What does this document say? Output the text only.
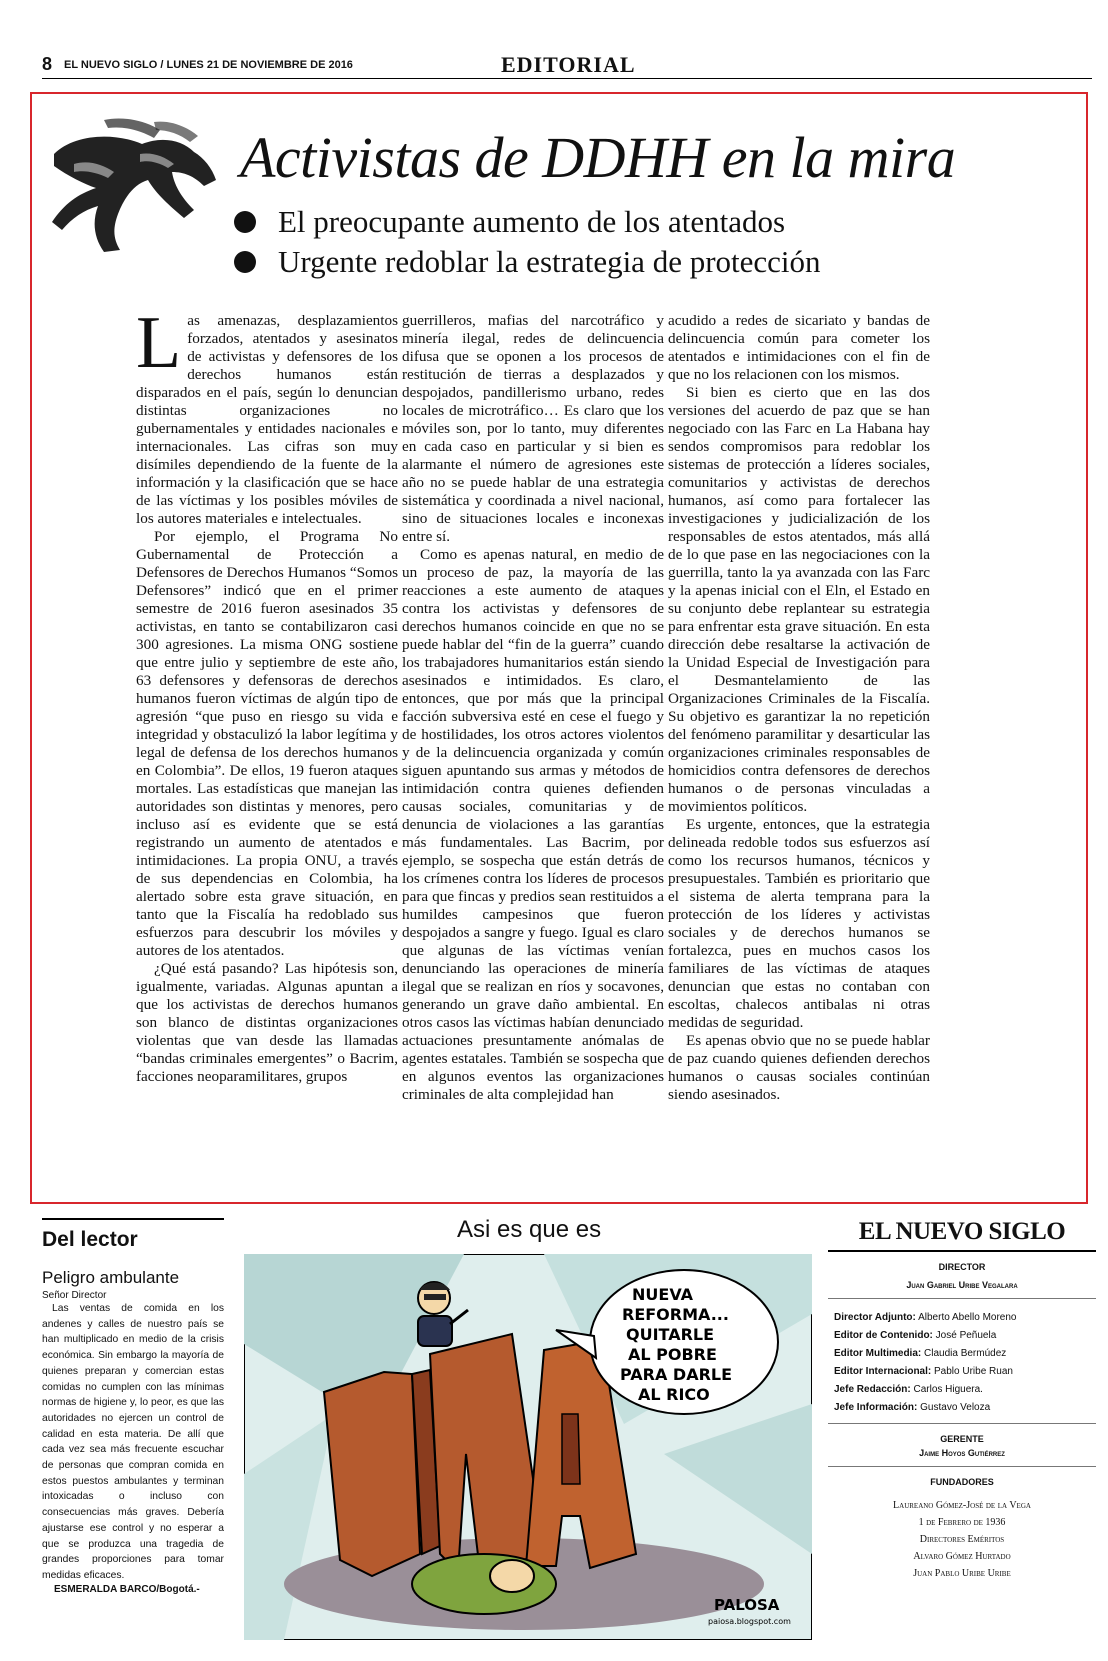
8 EL NUEVO SIGLO / LUNES 21 DE NOVIEMBRE DE 2016	EDITORIAL
Activistas de DDHH en la mira
El preocupante aumento de los atentados
Urgente redoblar la estrategia de protección

Las amenazas, desplazamientos forzados, atentados y asesinatos de activistas y defensores de los derechos humanos están disparados en el país, según lo denuncian distintas organizaciones no gubernamentales y entidades nacionales e internacionales. Las cifras son muy disímiles dependiendo de la fuente de la información y la clasificación que se hace de las víctimas y los posibles móviles de los autores materiales e intelectuales.

Por ejemplo, el Programa No Gubernamental de Protección a Defensores de Derechos Humanos “Somos Defensores” indicó que en el primer semestre de 2016 fueron asesinados 35 activistas, en tanto se contabilizaron casi 300 agresiones. La misma ONG sostiene que entre julio y septiembre de este año, 63 defensores y defensoras de derechos humanos fueron víctimas de algún tipo de agresión “que puso en riesgo su vida e integridad y obstaculizó la labor legítima y legal de defensa de los derechos humanos en Colombia”. De ellos, 19 fueron ataques mortales. Las estadísticas que manejan las autoridades son distintas y menores, pero incluso así es evidente que se está registrando un aumento de atentados e intimidaciones. La propia ONU, a través de sus dependencias en Colombia, ha alertado sobre esta grave situación, en tanto que la Fiscalía ha redoblado sus esfuerzos para descubrir los móviles y autores de los atentados.

¿Qué está pasando? Las hipótesis son, igualmente, variadas. Algunas apuntan a que los activistas de derechos humanos son blanco de distintas organizaciones violentas que van desde las llamadas “bandas criminales emergentes” o Bacrim, facciones neoparamilitares, grupos

guerrilleros, mafias del narcotráfico y minería ilegal, redes de delincuencia difusa que se oponen a los procesos de restitución de tierras a desplazados y despojados, pandillerismo urbano, redes locales de microtráfico… Es claro que los móviles son, por lo tanto, muy diferentes en cada caso en particular y si bien es alarmante el número de agresiones este año no se puede hablar de una estrategia sistemática y coordinada a nivel nacional, sino de situaciones locales e inconexas entre sí.

Como es apenas natural, en medio de un proceso de paz, la mayoría de las reacciones a este aumento de ataques contra los activistas y defensores de derechos humanos coincide en que no se puede hablar del “fin de la guerra” cuando los trabajadores humanitarios están siendo asesinados e intimidados. Es claro, entonces, que por más que la principal facción subversiva esté en cese el fuego y de hostilidades, los otros actores violentos y de la delincuencia organizada y común siguen apuntando sus armas y métodos de intimidación contra quienes defienden causas sociales, comunitarias y de denuncia de violaciones a las garantías más fundamentales. Las Bacrim, por ejemplo, se sospecha que están detrás de los crímenes contra los líderes de procesos para que fincas y predios sean restituidos a humildes campesinos que fueron despojados a sangre y fuego. Igual es claro que algunas de las víctimas venían denunciando las operaciones de minería ilegal que se realizan en ríos y socavones, generando un grave daño ambiental. En otros casos las víctimas habían denunciado actuaciones presuntamente anómalas de agentes estatales. También se sospecha que en algunos eventos las organizaciones criminales de alta complejidad han

acudido a redes de sicariato y bandas de delincuencia común para cometer los atentados e intimidaciones con el fin de que no los relacionen con los mismos.

Si bien es cierto que en las dos versiones del acuerdo de paz que se han negociado con las Farc en La Habana hay sendos compromisos para redoblar los sistemas de protección a líderes sociales, comunitarios y activistas de derechos humanos, así como para fortalecer las investigaciones y judicialización de los responsables de estos atentados, más allá de lo que pase en las negociaciones con la guerrilla, tanto la ya avanzada con las Farc y la apenas inicial con el Eln, el Estado en su conjunto debe replantear su estrategia para enfrentar esta grave situación. En esta dirección debe resaltarse la activación de la Unidad Especial de Investigación para el Desmantelamiento de las Organizaciones Criminales de la Fiscalía. Su objetivo es garantizar la no repetición del fenómeno paramilitar y desarticular las organizaciones criminales responsables de homicidios contra defensores de derechos humanos o de personas vinculadas a movimientos políticos.

Es urgente, entonces, que la estrategia delineada redoble todos sus esfuerzos así como los recursos humanos, técnicos y presupuestales. También es prioritario que el sistema de alerta temprana para la protección de los líderes y activistas sociales y de derechos humanos se fortalezca, pues en muchos casos los familiares de las víctimas de ataques denuncian que estas no contaban con escoltas, chalecos antibalas ni otras medidas de seguridad.

Es apenas obvio que no se puede hablar de paz cuando quienes defienden derechos humanos o causas sociales continúan siendo asesinados.

Del lector
Peligro ambulante
Señor Director

Las ventas de comida en los andenes y calles de nuestro país se han multiplicado en medio de la crisis económica. Sin embargo la mayoría de quienes preparan y comercian estas comidas no cumplen con las mínimas normas de higiene y, lo peor, es que las autoridades no ejercen un control de calidad en esta materia. De allí que cada vez sea más frecuente escuchar de personas que compran comida en estos puestos ambulantes y terminan intoxicadas o incluso con consecuencias más graves. Debería ajustarse ese control y no esperar a que se produzca una tragedia de grandes proporciones para tomar medidas eficaces.

ESMERALDA BARCO/Bogotá.-
Asi es que es
NUEVA
REFORMA...
QUITARLE
AL POBRE
PARA DARLE
AL RICO
PALOSA
paiosa.blogspot.com
EL NUEVO SIGLO
DIRECTOR
Juan Gabriel Uribe Vegalara
Director Adjunto: Alberto Abello Moreno
Editor de Contenido: José Peñuela
Editor Multimedia: Claudia Bermúdez
Editor Internacional: Pablo Uribe Ruan
Jefe Redacción: Carlos Higuera.
Jefe Información: Gustavo Veloza
GERENTE
Jaime Hoyos Gutiérrez
FUNDADORES
Laureano Gómez-José de la Vega
1 de Febrero de 1936
Directores Eméritos
Alvaro Gómez Hurtado
Juan Pablo Uribe Uribe
